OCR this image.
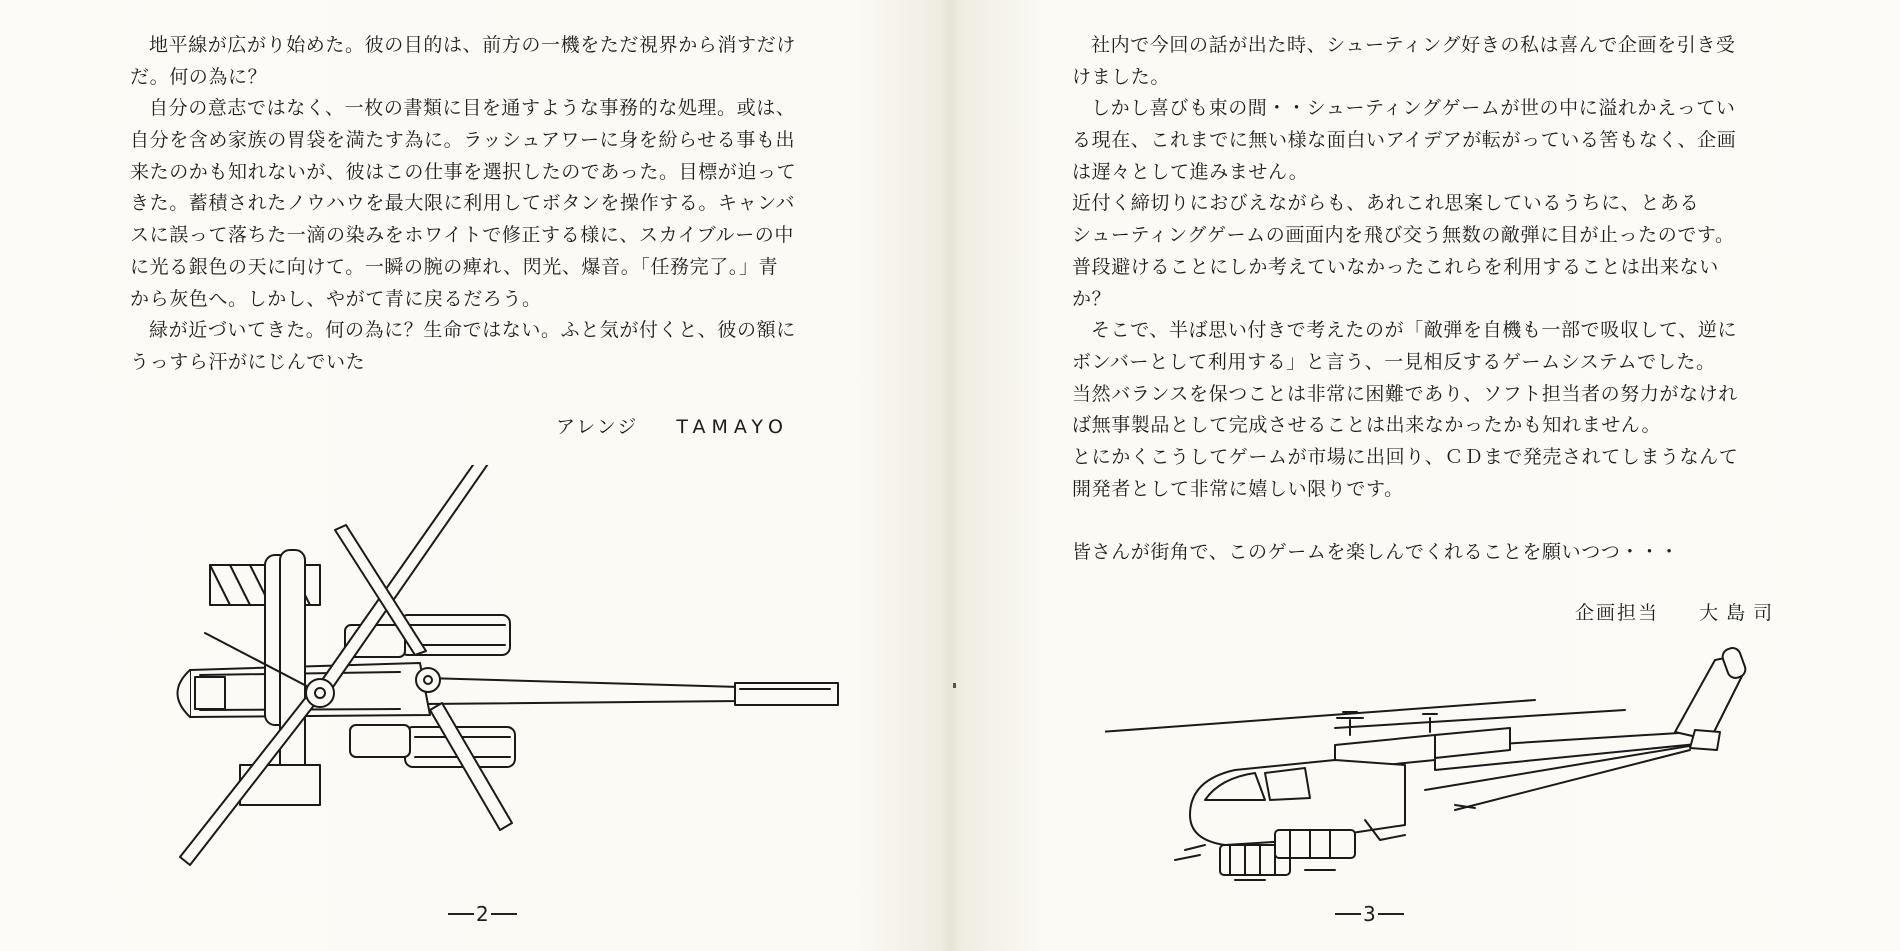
地平線が広がり始めた。彼の目的は、前方の一機をただ視界から消すだけ
だ。何の為に？
自分の意志ではなく、一枚の書類に目を通すような事務的な処理。或は、
自分を含め家族の胃袋を満たす為に。ラッシュアワーに身を紛らせる事も出
来たのかも知れないが、彼はこの仕事を選択したのであった。目標が迫って
きた。蓄積されたノウハウを最大限に利用してボタンを操作する。キャンバ
スに誤って落ちた一滴の染みをホワイトで修正する様に、スカイブルーの中
に光る銀色の天に向けて。一瞬の腕の痺れ、閃光、爆音。「任務完了。」青
から灰色へ。しかし、やがて青に戻るだろう。
緑が近づいてきた。何の為に？生命ではない。ふと気が付くと、彼の額に
うっすら汗がにじんでいた
アレンジ TAMAYO
2
社内で今回の話が出た時、シューティング好きの私は喜んで企画を引き受
けました。
しかし喜びも束の間・・シューティングゲームが世の中に溢れかえってい
る現在、これまでに無い様な面白いアイデアが転がっている筈もなく、企画
は遅々として進みません。
近付く締切りにおびえながらも、あれこれ思案しているうちに、とある
シューティングゲームの画面内を飛び交う無数の敵弾に目が止ったのです。
普段避けることにしか考えていなかったこれらを利用することは出来ない
か？
そこで、半ば思い付きで考えたのが「敵弾を自機も一部で吸収して、逆に
ボンバーとして利用する」と言う、一見相反するゲームシステムでした。
当然バランスを保つことは非常に困難であり、ソフト担当者の努力がなけれ
ば無事製品として完成させることは出来なかったかも知れません。
とにかくこうしてゲームが市場に出回り、ＣＤまで発売されてしまうなんて
開発者として非常に嬉しい限りです。
皆さんが街角で、このゲームを楽しんでくれることを願いつつ・・・
企画担当 大島司
3
